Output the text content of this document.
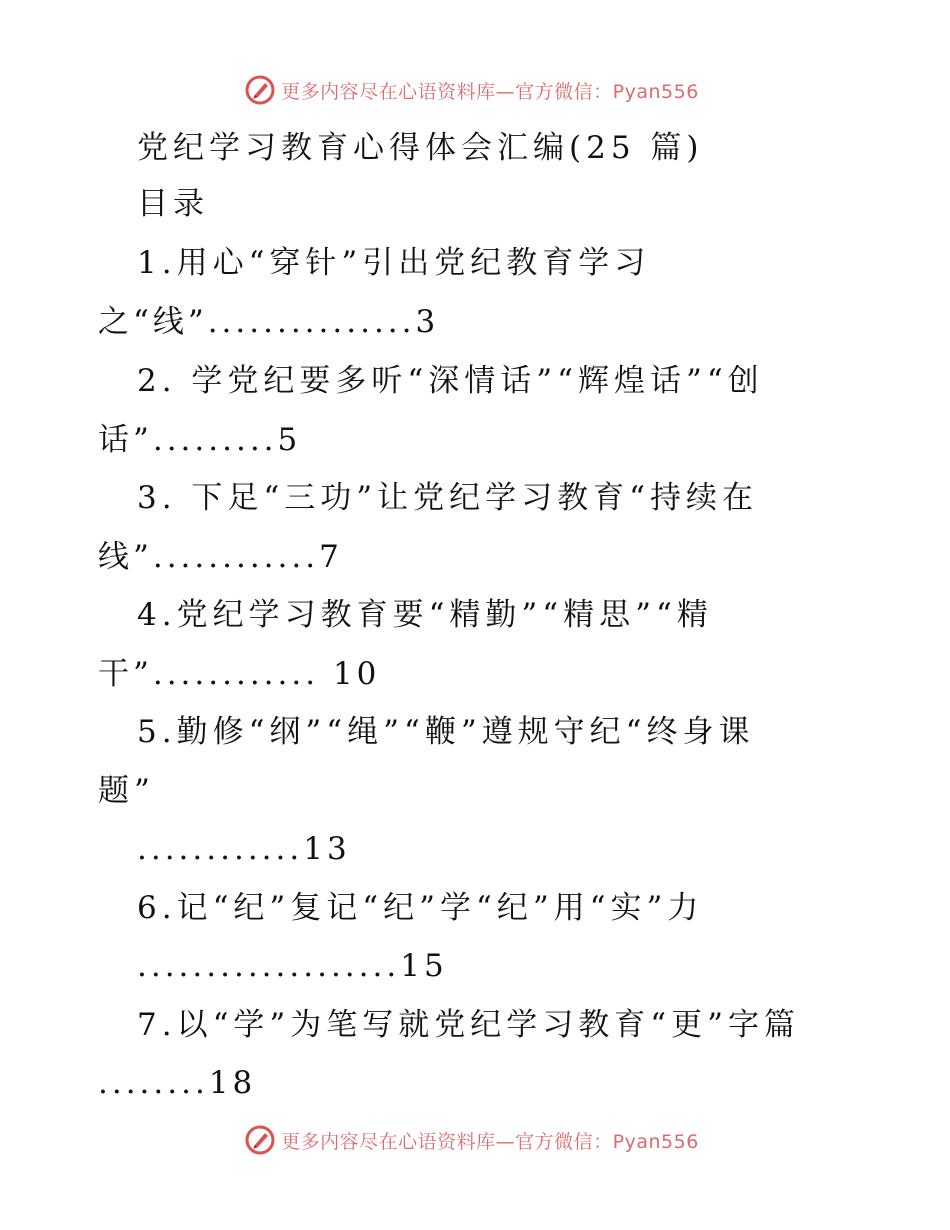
更多内容尽在心语资料库—官方微信：Pyan556
党纪学习教育心得体会汇编(25 篇)
目录
1.用心“穿针”引出党纪教育学习
之“线”...............3
2. 学党纪要多听“深情话”“辉煌话”“创
话”.........5
3. 下足“三功”让党纪学习教育“持续在
线”............7
4.党纪学习教育要“精勤”“精思”“精
干”............ 10
5.勤修“纲”“绳”“鞭”遵规守纪“终身课
题”
............13
6.记“纪”复记“纪”学“纪”用“实”力
...................15
7.以“学”为笔写就党纪学习教育“更”字篇
........18
更多内容尽在心语资料库—官方微信：Pyan556
